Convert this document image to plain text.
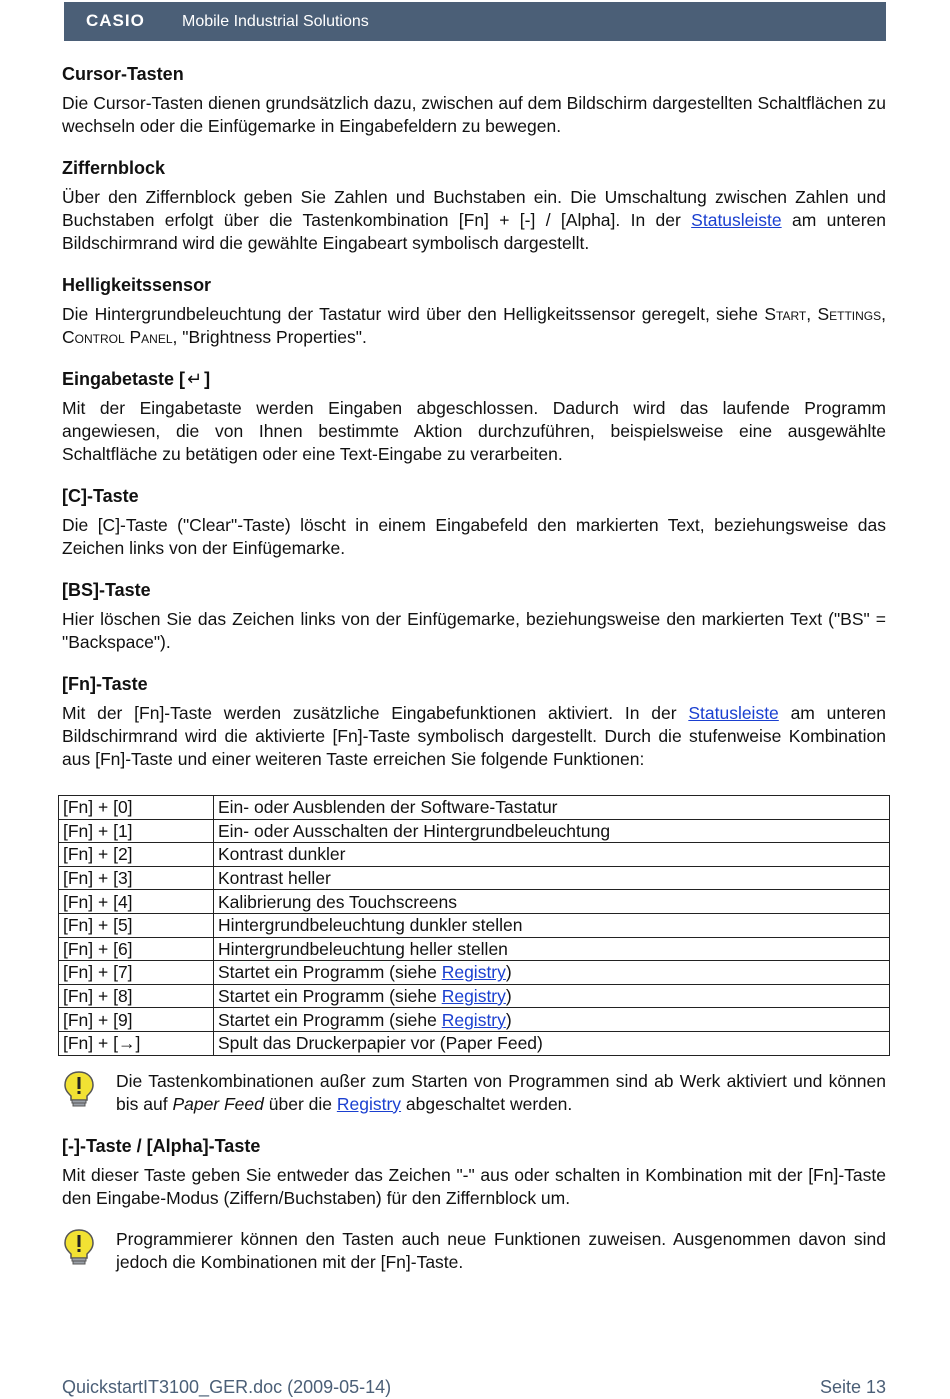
CASIO Mobile Industrial Solutions
Cursor-Tasten

Die Cursor-Tasten dienen grundsätzlich dazu, zwischen auf dem Bildschirm dargestellten Schaltflächen zu wechseln oder die Einfügemarke in Eingabefeldern zu bewegen.

Ziffernblock

Über den Ziffernblock geben Sie Zahlen und Buchstaben ein. Die Umschaltung zwischen Zahlen und Buchstaben erfolgt über die Tastenkombination [Fn] + [-] / [Alpha]. In der Statusleiste am unteren Bildschirmrand wird die gewählte Eingabeart symbolisch dargestellt.

Helligkeitssensor

Die Hintergrundbeleuchtung der Tastatur wird über den Helligkeitssensor geregelt, siehe Start, Settings, Control Panel, "Brightness Properties".

Eingabetaste [ ↵ ]

Mit der Eingabetaste werden Eingaben abgeschlossen. Dadurch wird das laufende Programm angewiesen, die von Ihnen bestimmte Aktion durchzuführen, beispielsweise eine ausgewählte Schaltfläche zu betätigen oder eine Text-Eingabe zu verarbeiten.

[C]-Taste

Die [C]-Taste ("Clear"-Taste) löscht in einem Eingabefeld den markierten Text, beziehungsweise das Zeichen links von der Einfügemarke.

[BS]-Taste

Hier löschen Sie das Zeichen links von der Einfügemarke, beziehungsweise den markierten Text ("BS" = "Backspace").

[Fn]-Taste

Mit der [Fn]-Taste werden zusätzliche Eingabefunktionen aktiviert. In der Statusleiste am unteren Bildschirmrand wird die aktivierte [Fn]-Taste symbolisch dargestellt. Durch die stufenweise Kombination aus [Fn]-Taste und einer weiteren Taste erreichen Sie folgende Funktionen:

[Fn] + [0]	Ein- oder Ausblenden der Software-Tastatur
[Fn] + [1]	Ein- oder Ausschalten der Hintergrundbeleuchtung
[Fn] + [2]	Kontrast dunkler
[Fn] + [3]	Kontrast heller
[Fn] + [4]	Kalibrierung des Touchscreens
[Fn] + [5]	Hintergrundbeleuchtung dunkler stellen
[Fn] + [6]	Hintergrundbeleuchtung heller stellen
[Fn] + [7]	Startet ein Programm (siehe Registry)
[Fn] + [8]	Startet ein Programm (siehe Registry)
[Fn] + [9]	Startet ein Programm (siehe Registry)
[Fn] + [→]	Spult das Druckerpapier vor (Paper Feed)

Die Tastenkombinationen außer zum Starten von Programmen sind ab Werk aktiviert und können bis auf Paper Feed über die Registry abgeschaltet werden.

[-]-Taste / [Alpha]-Taste

Mit dieser Taste geben Sie entweder das Zeichen "-" aus oder schalten in Kombination mit der [Fn]-Taste den Eingabe-Modus (Ziffern/Buchstaben) für den Ziffernblock um.

Programmierer können den Tasten auch neue Funktionen zuweisen. Ausgenommen davon sind jedoch die Kombinationen mit der [Fn]-Taste.

QuickstartIT3100_GER.doc (2009-05-14)	Seite 13
